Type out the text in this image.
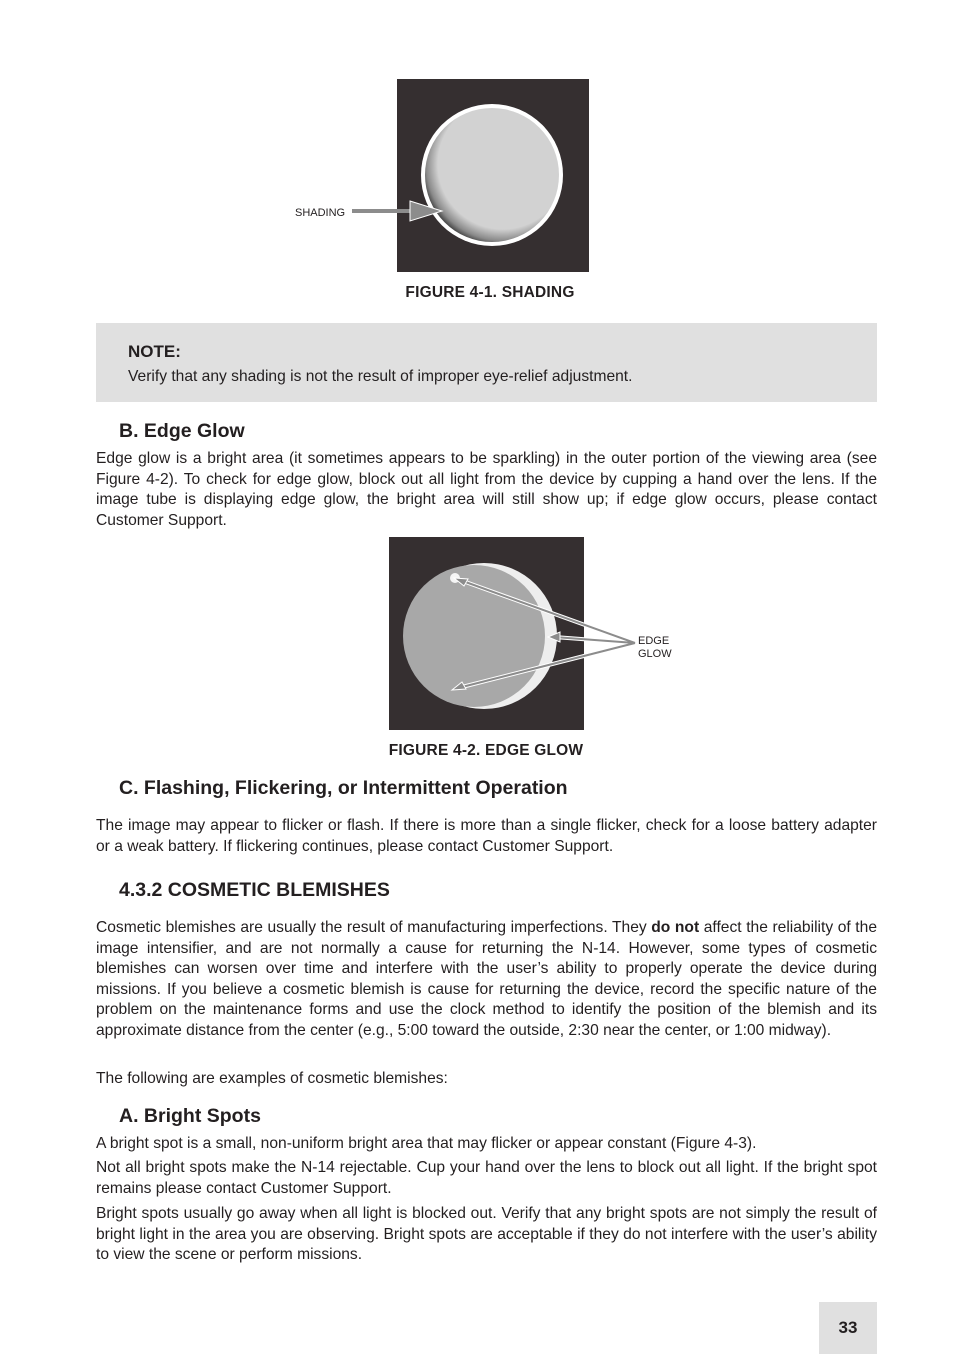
SHADING
FIGURE 4-1. SHADING
NOTE:
Verify that any shading is not the result of improper eye-relief adjustment.
B. Edge Glow

Edge glow is a bright area (it sometimes appears to be sparkling) in the outer portion of the viewing area (see Figure 4-2). To check for edge glow, block out all light from the device by cupping a hand over the lens. If the image tube is displaying edge glow, the bright area will still show up; if edge glow occurs, please contact Customer Support.

EDGE
GLOW
FIGURE 4-2. EDGE GLOW
C. Flashing, Flickering, or Intermittent Operation

The image may appear to flicker or flash. If there is more than a single flicker, check for a loose battery adapter or a weak battery. If flickering continues, please contact Customer Support.

4.3.2 COSMETIC BLEMISHES

Cosmetic blemishes are usually the result of manufacturing imperfections. They do not affect the reliability of the image intensifier, and are not normally a cause for returning the N-14. However, some types of cosmetic blemishes can worsen over time and interfere with the user’s ability to properly operate the device during missions. If you believe a cosmetic blemish is cause for returning the device, record the specific nature of the problem on the maintenance forms and use the clock method to identify the position of the blemish and its approximate distance from the center (e.g., 5:00 toward the outside, 2:30 near the center, or 1:00 midway).

The following are examples of cosmetic blemishes:

A. Bright Spots

A bright spot is a small, non-uniform bright area that may flicker or appear constant (Figure 4-3).

Not all bright spots make the N-14 rejectable. Cup your hand over the lens to block out all light. If the bright spot remains please contact Customer Support.

Bright spots usually go away when all light is blocked out. Verify that any bright spots are not simply the result of bright light in the area you are observing. Bright spots are acceptable if they do not interfere with the user’s ability to view the scene or perform missions.

33
